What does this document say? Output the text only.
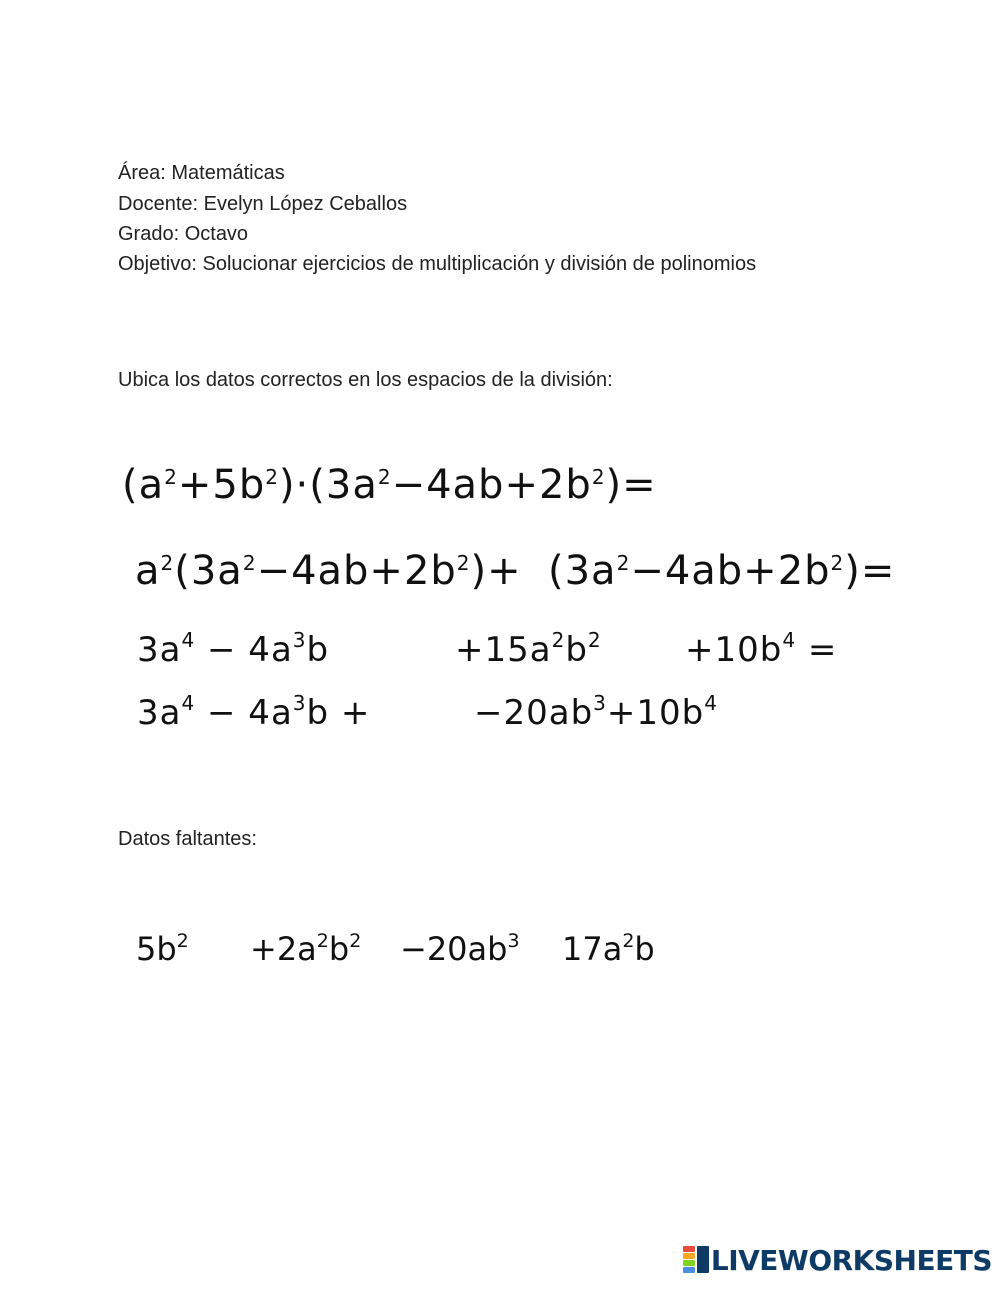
Área: Matemáticas
Docente: Evelyn López Ceballos
Grado: Octavo
Objetivo: Solucionar ejercicios de multiplicación y división de polinomios
Ubica los datos correctos en los espacios de la división:
$(a^2+5b^2)\cdot(3a^2-4ab+2b^2)=$
$a^2(3a^2-4ab+2b^2)+ (3a^2-4ab+2b^2)=$
$3a^4 - 4a^3b$	$+15a^2b^2 +10b^4$ =
$3a^4 - 4a^3b$ +	$-20ab^3+10b^4$
Datos faltantes:
$5b^2 +2a^2b^2 -20ab^3$ $17a^2b$
LIVEWORKSHEETS
